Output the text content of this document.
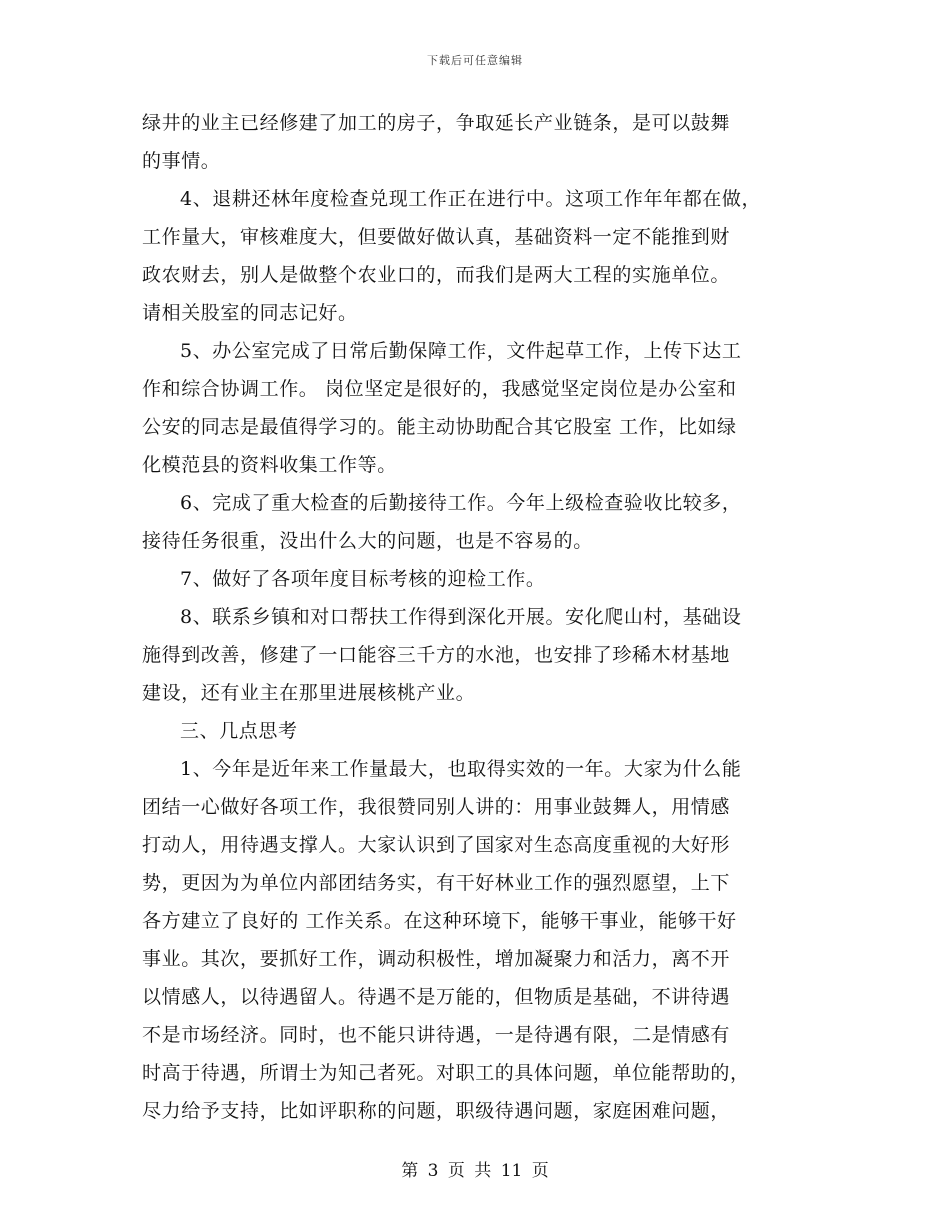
下载后可任意编辑
绿井的业主已经修建了加工的房子，争取延长产业链条，是可以鼓舞
的事情。
4、退耕还林年度检查兑现工作正在进行中。这项工作年年都在做，
工作量大，审核难度大，但要做好做认真，基础资料一定不能推到财
政农财去，别人是做整个农业口的，而我们是两大工程的实施单位。
请相关股室的同志记好。
5、办公室完成了日常后勤保障工作，文件起草工作，上传下达工
作和综合协调工作。 岗位坚定是很好的，我感觉坚定岗位是办公室和
公安的同志是最值得学习的。能主动协助配合其它股室 工作，比如绿
化模范县的资料收集工作等。
6、完成了重大检查的后勤接待工作。今年上级检查验收比较多，
接待任务很重，没出什么大的问题，也是不容易的。
7、做好了各项年度目标考核的迎检工作。
8、联系乡镇和对口帮扶工作得到深化开展。安化爬山村，基础设
施得到改善，修建了一口能容三千方的水池，也安排了珍稀木材基地
建设，还有业主在那里进展核桃产业。
三、几点思考
1、今年是近年来工作量最大，也取得实效的一年。大家为什么能
团结一心做好各项工作，我很赞同别人讲的：用事业鼓舞人，用情感
打动人，用待遇支撑人。大家认识到了国家对生态高度重视的大好形
势，更因为为单位内部团结务实，有干好林业工作的强烈愿望，上下
各方建立了良好的 工作关系。在这种环境下，能够干事业，能够干好
事业。其次，要抓好工作，调动积极性，增加凝聚力和活力，离不开
以情感人，以待遇留人。待遇不是万能的，但物质是基础，不讲待遇
不是市场经济。同时，也不能只讲待遇，一是待遇有限，二是情感有
时高于待遇，所谓士为知己者死。对职工的具体问题，单位能帮助的，
尽力给予支持，比如评职称的问题，职级待遇问题，家庭困难问题，
第 3 页 共 11 页
